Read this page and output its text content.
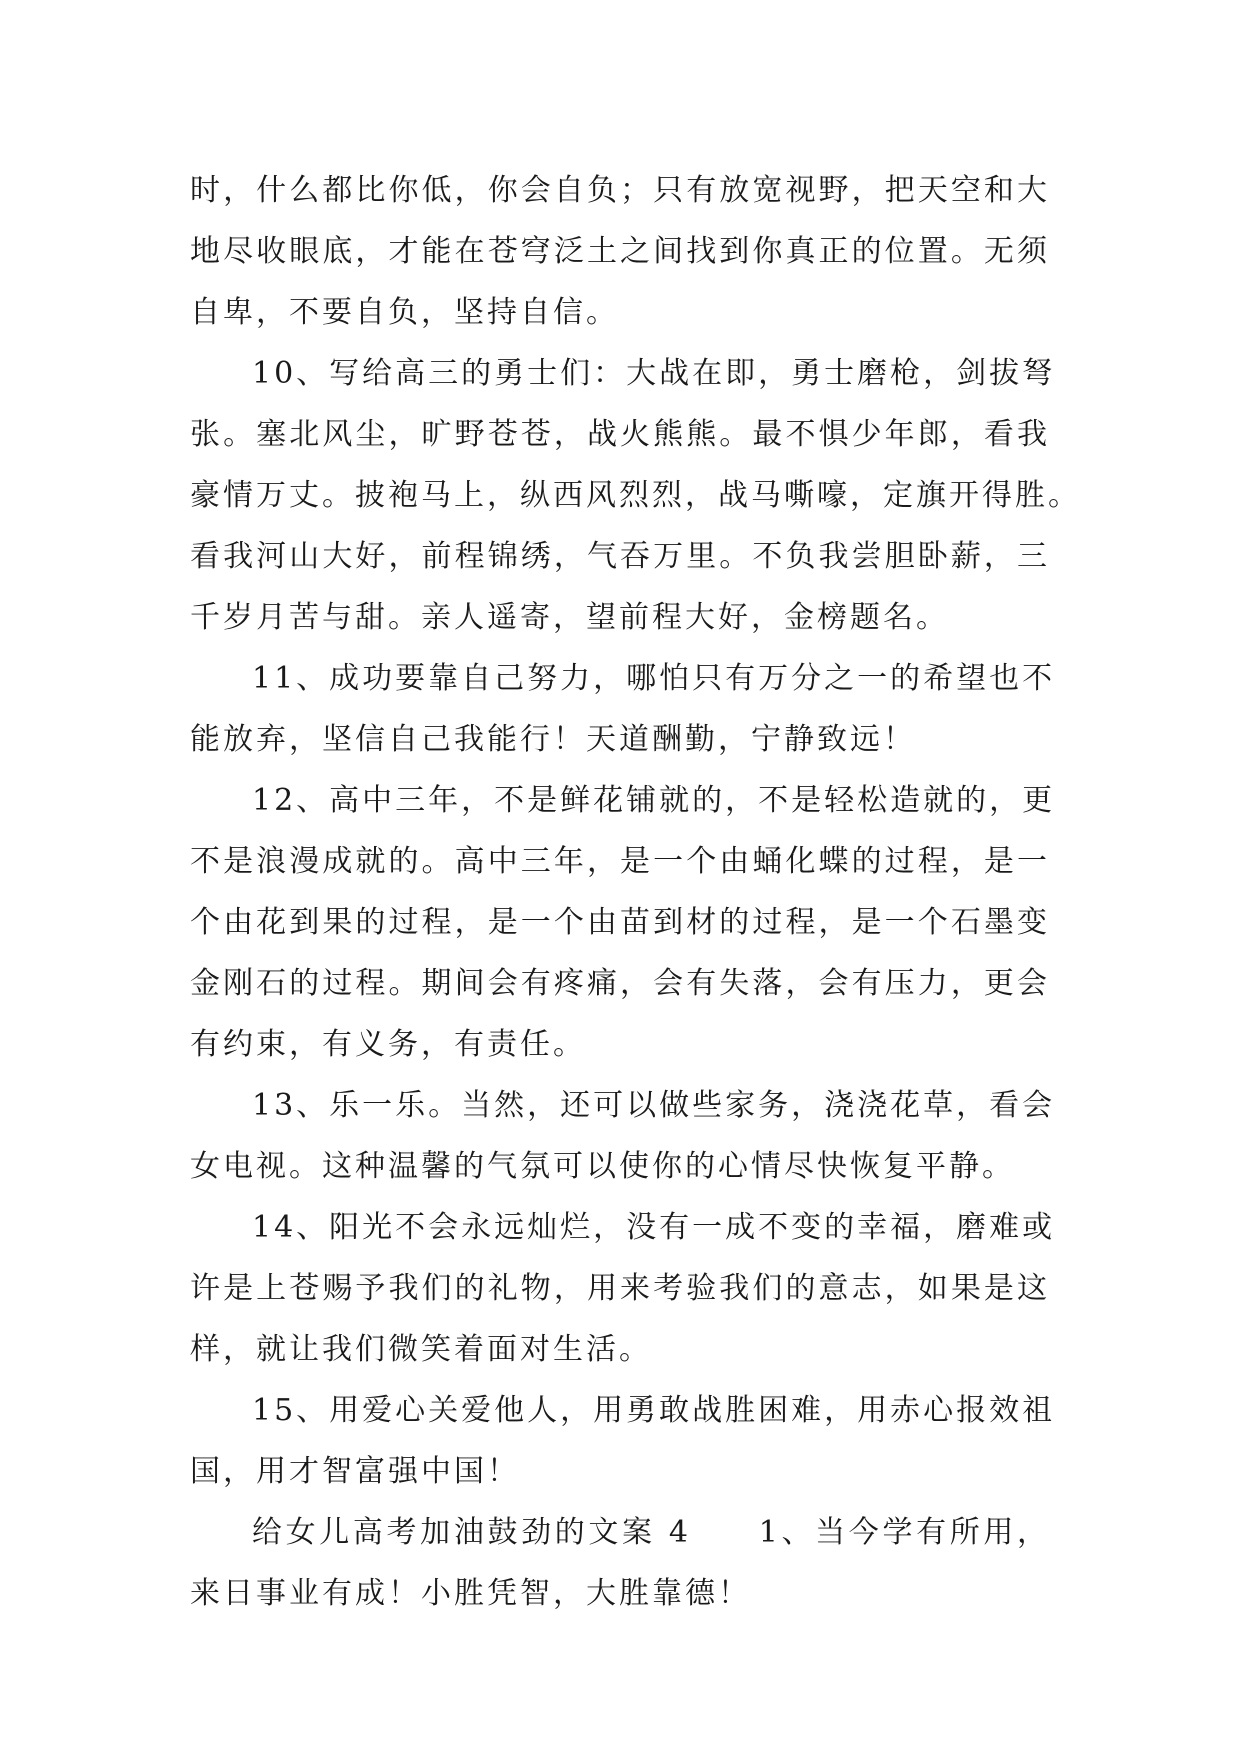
时，什么都比你低，你会自负；只有放宽视野，把天空和大
地尽收眼底，才能在苍穹泛土之间找到你真正的位置。无须
自卑，不要自负，坚持自信。
10、写给高三的勇士们：大战在即，勇士磨枪，剑拔弩
张。塞北风尘，旷野苍苍，战火熊熊。最不惧少年郎，看我
豪情万丈。披袍马上，纵西风烈烈，战马嘶嚎，定旗开得胜。
看我河山大好，前程锦绣，气吞万里。不负我尝胆卧薪，三
千岁月苦与甜。亲人遥寄，望前程大好，金榜题名。
11、成功要靠自己努力，哪怕只有万分之一的希望也不
能放弃，坚信自己我能行！天道酬勤，宁静致远！
12、高中三年，不是鲜花铺就的，不是轻松造就的，更
不是浪漫成就的。高中三年，是一个由蛹化蝶的过程，是一
个由花到果的过程，是一个由苗到材的过程，是一个石墨变
金刚石的过程。期间会有疼痛，会有失落，会有压力，更会
有约束，有义务，有责任。
13、乐一乐。当然，还可以做些家务，浇浇花草，看会
女电视。这种温馨的气氛可以使你的心情尽快恢复平静。
14、阳光不会永远灿烂，没有一成不变的幸福，磨难或
许是上苍赐予我们的礼物，用来考验我们的意志，如果是这
样，就让我们微笑着面对生活。
15、用爱心关爱他人，用勇敢战胜困难，用赤心报效祖
国，用才智富强中国！
给女儿高考加油鼓劲的文案 4　　1、当今学有所用，
来日事业有成！小胜凭智，大胜靠德！
